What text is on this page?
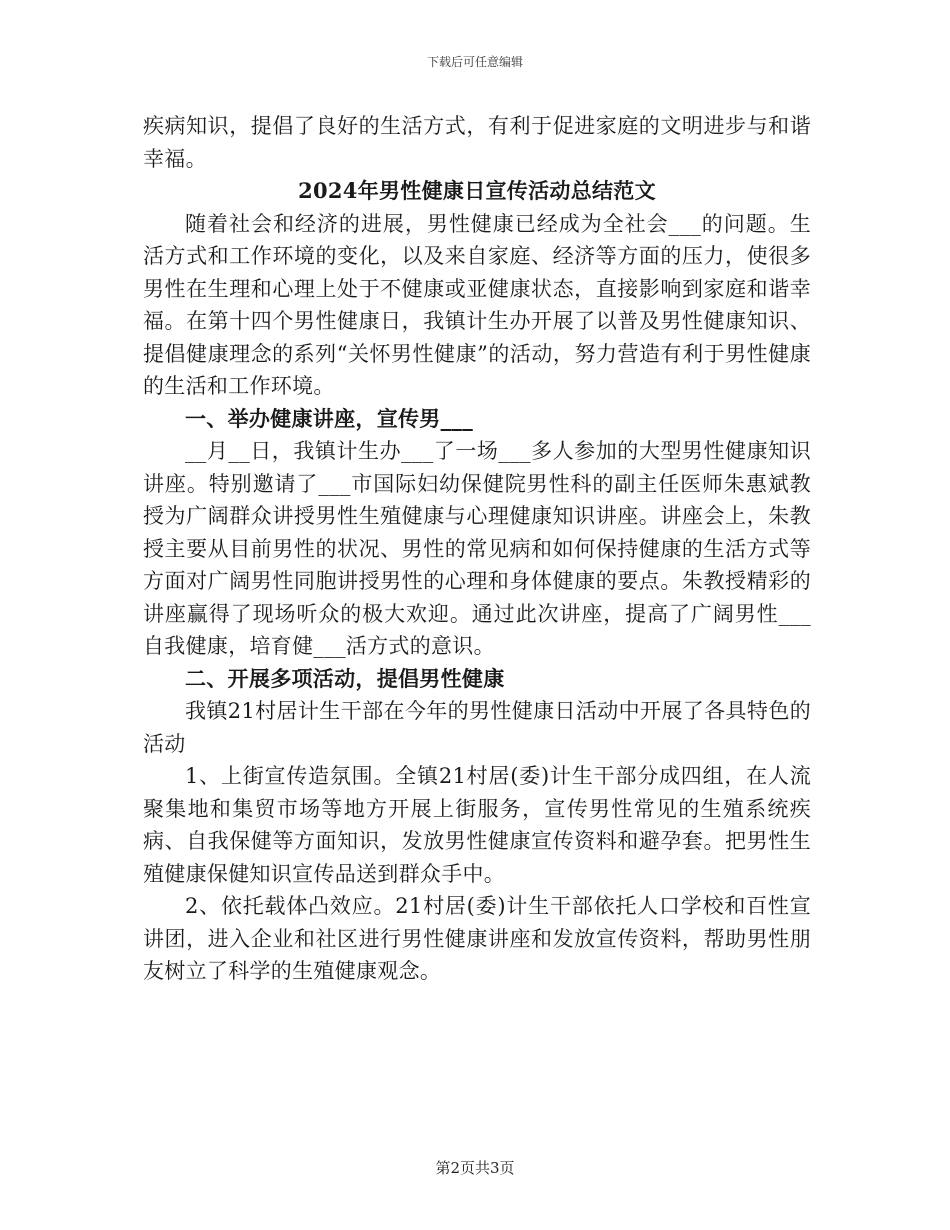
下载后可任意编辑

疾病知识，提倡了良好的生活方式，有利于促进家庭的文明进步与和谐幸福。

2024年男性健康日宣传活动总结范文

随着社会和经济的进展，男性健康已经成为全社会___的问题。生活方式和工作环境的变化，以及来自家庭、经济等方面的压力，使很多男性在生理和心理上处于不健康或亚健康状态，直接影响到家庭和谐幸福。在第十四个男性健康日，我镇计生办开展了以普及男性健康知识、提倡健康理念的系列“关怀男性健康”的活动，努力营造有利于男性健康的生活和工作环境。

一、举办健康讲座，宣传男___

__月__日，我镇计生办___了一场___多人参加的大型男性健康知识讲座。特别邀请了___市国际妇幼保健院男性科的副主任医师朱惠斌教授为广阔群众讲授男性生殖健康与心理健康知识讲座。讲座会上，朱教授主要从目前男性的状况、男性的常见病和如何保持健康的生活方式等方面对广阔男性同胞讲授男性的心理和身体健康的要点。朱教授精彩的讲座赢得了现场听众的极大欢迎。通过此次讲座，提高了广阔男性___自我健康，培育健___活方式的意识。

二、开展多项活动，提倡男性健康

我镇21村居计生干部在今年的男性健康日活动中开展了各具特色的活动

1、上街宣传造氛围。全镇21村居(委)计生干部分成四组，在人流聚集地和集贸市场等地方开展上街服务，宣传男性常见的生殖系统疾病、自我保健等方面知识，发放男性健康宣传资料和避孕套。把男性生殖健康保健知识宣传品送到群众手中。

2、依托载体凸效应。21村居(委)计生干部依托人口学校和百性宣讲团，进入企业和社区进行男性健康讲座和发放宣传资料，帮助男性朋友树立了科学的生殖健康观念。

第2页共3页
